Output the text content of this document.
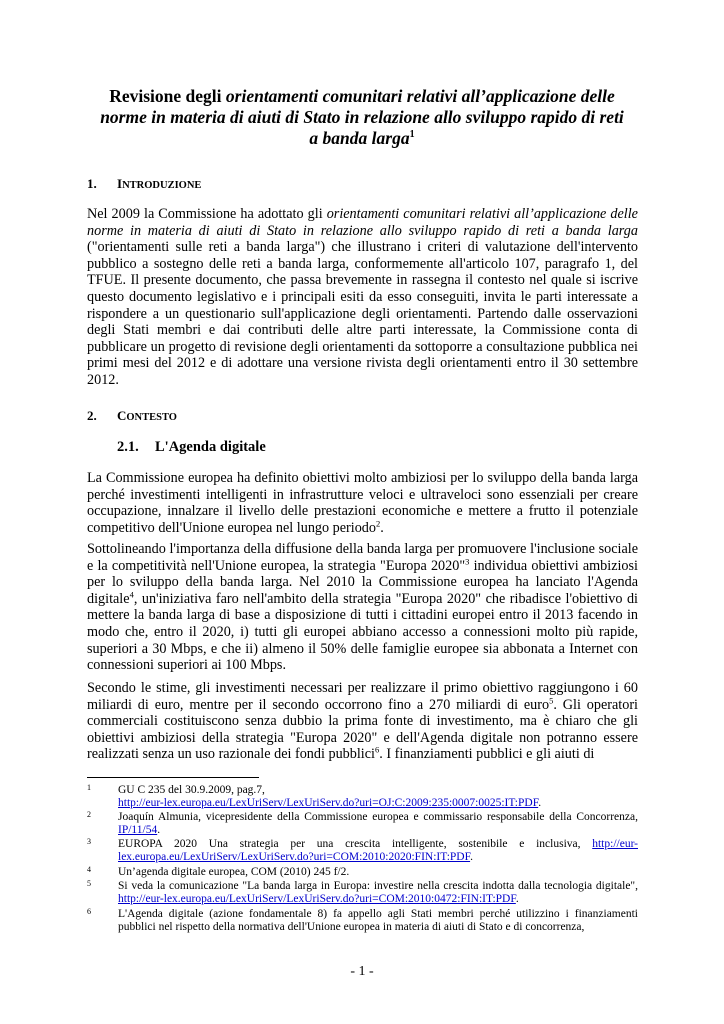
Revisione degli orientamenti comunitari relativi all’applicazione delle norme in materia di aiuti di Stato in relazione allo sviluppo rapido di reti a banda larga$^1$
1. INTRODUZIONE
Nel 2009 la Commissione ha adottato gli orientamenti comunitari relativi all’applicazione delle norme in materia di aiuti di Stato in relazione allo sviluppo rapido di reti a banda larga ("orientamenti sulle reti a banda larga") che illustrano i criteri di valutazione dell'intervento pubblico a sostegno delle reti a banda larga, conformemente all'articolo 107, paragrafo 1, del TFUE. Il presente documento, che passa brevemente in rassegna il contesto nel quale si iscrive questo documento legislativo e i principali esiti da esso conseguiti, invita le parti interessate a rispondere a un questionario sull'applicazione degli orientamenti. Partendo dalle osservazioni degli Stati membri e dai contributi delle altre parti interessate, la Commissione conta di pubblicare un progetto di revisione degli orientamenti da sottoporre a consultazione pubblica nei primi mesi del 2012 e di adottare una versione rivista degli orientamenti entro il 30 settembre 2012.
2. CONTESTO
2.1. L'Agenda digitale
La Commissione europea ha definito obiettivi molto ambiziosi per lo sviluppo della banda larga perché investimenti intelligenti in infrastrutture veloci e ultraveloci sono essenziali per creare occupazione, innalzare il livello delle prestazioni economiche e mettere a frutto il potenziale competitivo dell'Unione europea nel lungo periodo$^2$.
Sottolineando l'importanza della diffusione della banda larga per promuovere l'inclusione sociale e la competitività nell'Unione europea, la strategia "Europa 2020"$^3$ individua obiettivi ambiziosi per lo sviluppo della banda larga. Nel 2010 la Commissione europea ha lanciato l'Agenda digitale$^4$, un'iniziativa faro nell'ambito della strategia "Europa 2020" che ribadisce l'obiettivo di mettere la banda larga di base a disposizione di tutti i cittadini europei entro il 2013 facendo in modo che, entro il 2020, i) tutti gli europei abbiano accesso a connessioni molto più rapide, superiori a 30 Mbps, e che ii) almeno il 50% delle famiglie europee sia abbonata a Internet con connessioni superiori ai 100 Mbps.
Secondo le stime, gli investimenti necessari per realizzare il primo obiettivo raggiungono i 60 miliardi di euro, mentre per il secondo occorrono fino a 270 miliardi di euro$^5$. Gli operatori commerciali costituiscono senza dubbio la prima fonte di investimento, ma è chiaro che gli obiettivi ambiziosi della strategia "Europa 2020" e dell'Agenda digitale non potranno essere realizzati senza un uso razionale dei fondi pubblici$^6$. I finanziamenti pubblici e gli aiuti di
1 GU C 235 del 30.9.2009, pag.7,
http://eur-lex.europa.eu/LexUriServ/LexUriServ.do?uri=OJ:C:2009:235:0007:0025:IT:PDF.
2 Joaquín Almunia, vicepresidente della Commissione europea e commissario responsabile della Concorrenza, IP/11/54.
3 EUROPA 2020 Una strategia per una crescita intelligente, sostenibile e inclusiva, http://eur-lex.europa.eu/LexUriServ/LexUriServ.do?uri=COM:2010:2020:FIN:IT:PDF.
4 Un’agenda digitale europea, COM (2010) 245 f/2.
5 Si veda la comunicazione "La banda larga in Europa: investire nella crescita indotta dalla tecnologia digitale", http://eur-lex.europa.eu/LexUriServ/LexUriServ.do?uri=COM:2010:0472:FIN:IT:PDF.
6 L'Agenda digitale (azione fondamentale 8) fa appello agli Stati membri perché utilizzino i finanziamenti pubblici nel rispetto della normativa dell'Unione europea in materia di aiuti di Stato e di concorrenza,
- 1 -
